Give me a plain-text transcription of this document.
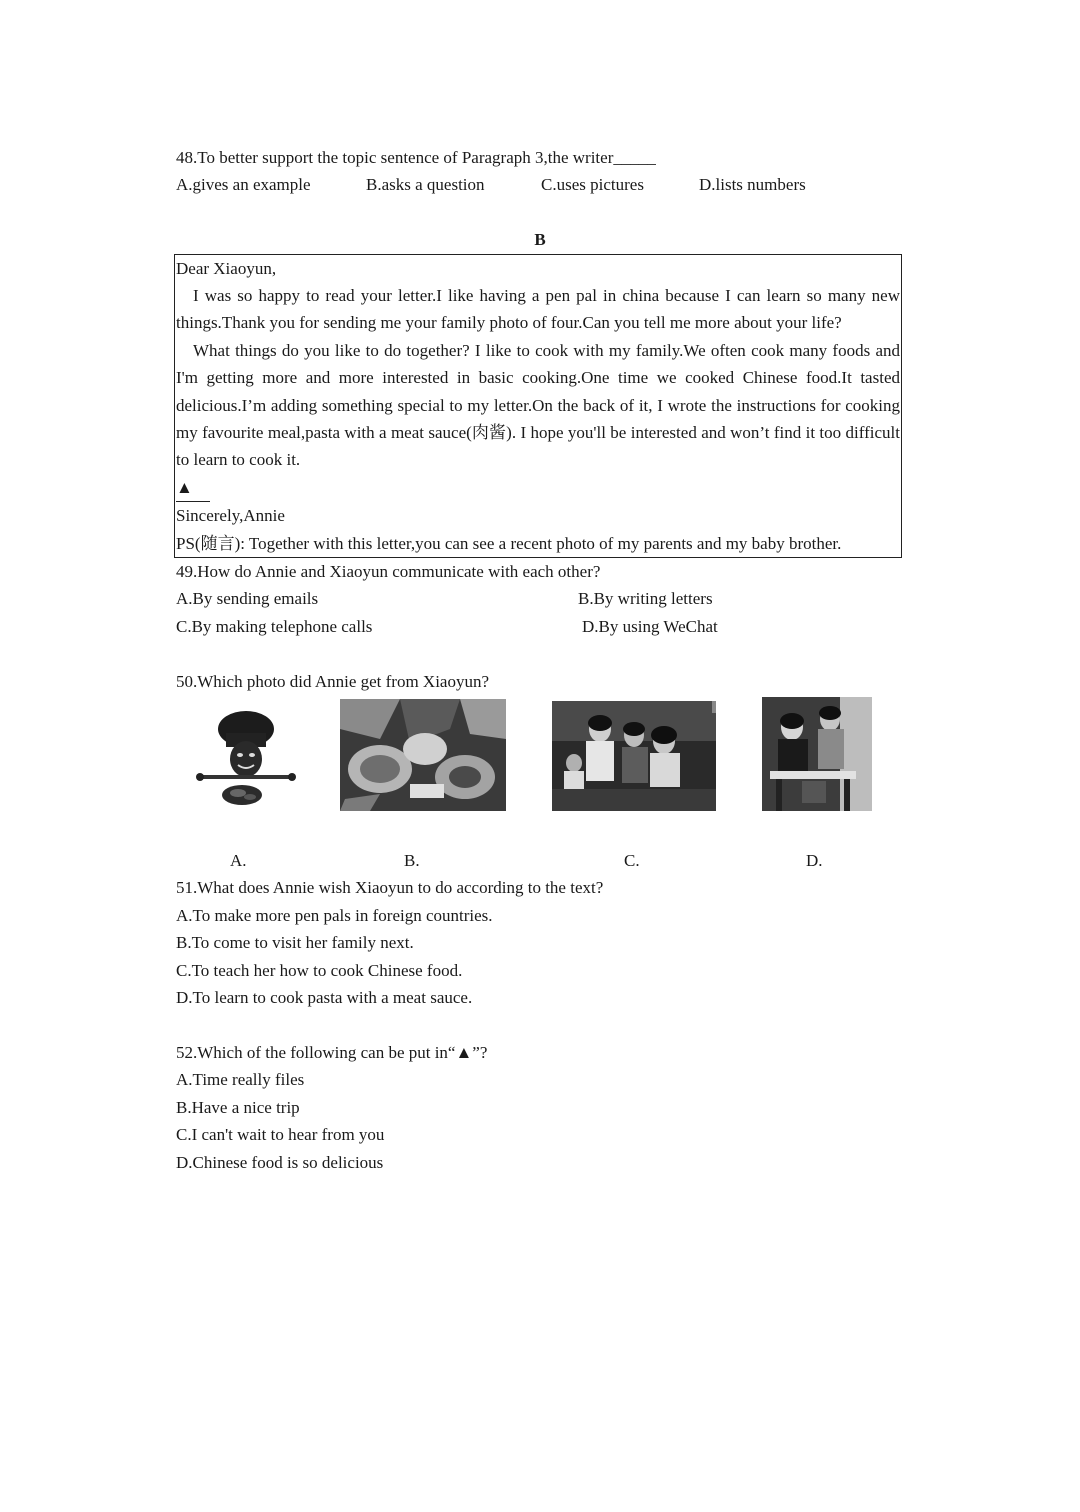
48.To better support the topic sentence of Paragraph 3,the writer_____
A.gives an example	B.asks a question	C.uses pictures	D.lists numbers
B

Dear Xiaoyun,

I was so happy to read your letter.I like having a pen pal in china because I can learn so many new things.Thank you for sending me your family photo of four.Can you tell me more about your life?

What things do you like to do together? I like to cook with my family.We often cook many foods and I'm getting more and more interested in basic cooking.One time we cooked Chinese food.It tasted delicious.I’m adding something special to my letter.On the back of it, I wrote the instructions for cooking my favourite meal,pasta with a meat sauce(肉酱). I hope you'll be interested and won’t find it too difficult to learn to cook it.

▲

Sincerely,Annie

PS(随言): Together with this letter,you can see a recent photo of my parents and my baby brother.

49.How do Annie and Xiaoyun communicate with each other?
A.By sending emails	B.By writing letters
C.By making telephone calls	D.By using WeChat
50.Which photo did Annie get from Xiaoyun?
A.	B.	C.	D.
51.What does Annie wish Xiaoyun to do according to the text?
A.To make more pen pals in foreign countries.
B.To come to visit her family next.
C.To teach her how to cook Chinese food.
D.To learn to cook pasta with a meat sauce.
52.Which of the following can be put in“▲”?
A.Time really files
B.Have a nice trip
C.I can't wait to hear from you
D.Chinese food is so delicious
